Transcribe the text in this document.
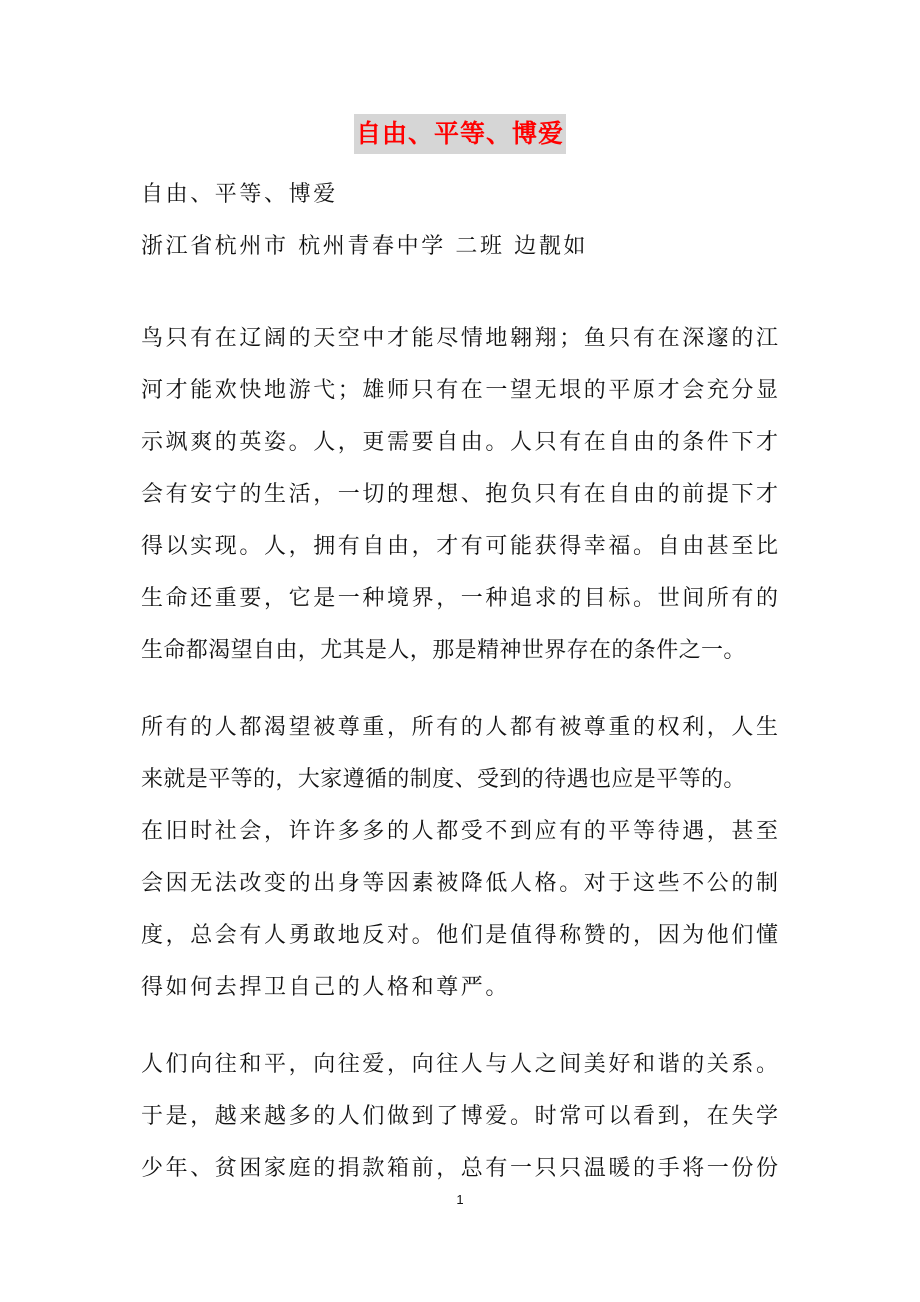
自由、平等、博爱
自由、平等、博爱
浙江省杭州市 杭州青春中学 二班 边靓如
鸟只有在辽阔的天空中才能尽情地翱翔；鱼只有在深邃的江
河才能欢快地游弋；雄师只有在一望无垠的平原才会充分显
示飒爽的英姿。人，更需要自由。人只有在自由的条件下才
会有安宁的生活，一切的理想、抱负只有在自由的前提下才
得以实现。人，拥有自由，才有可能获得幸福。自由甚至比
生命还重要，它是一种境界，一种追求的目标。世间所有的
生命都渴望自由，尤其是人，那是精神世界存在的条件之一。
所有的人都渴望被尊重，所有的人都有被尊重的权利，人生
来就是平等的，大家遵循的制度、受到的待遇也应是平等的。
在旧时社会，许许多多的人都受不到应有的平等待遇，甚至
会因无法改变的出身等因素被降低人格。对于这些不公的制
度，总会有人勇敢地反对。他们是值得称赞的，因为他们懂
得如何去捍卫自己的人格和尊严。
人们向往和平，向往爱，向往人与人之间美好和谐的关系。
于是，越来越多的人们做到了博爱。时常可以看到，在失学
少年、贫困家庭的捐款箱前，总有一只只温暖的手将一份份
1
